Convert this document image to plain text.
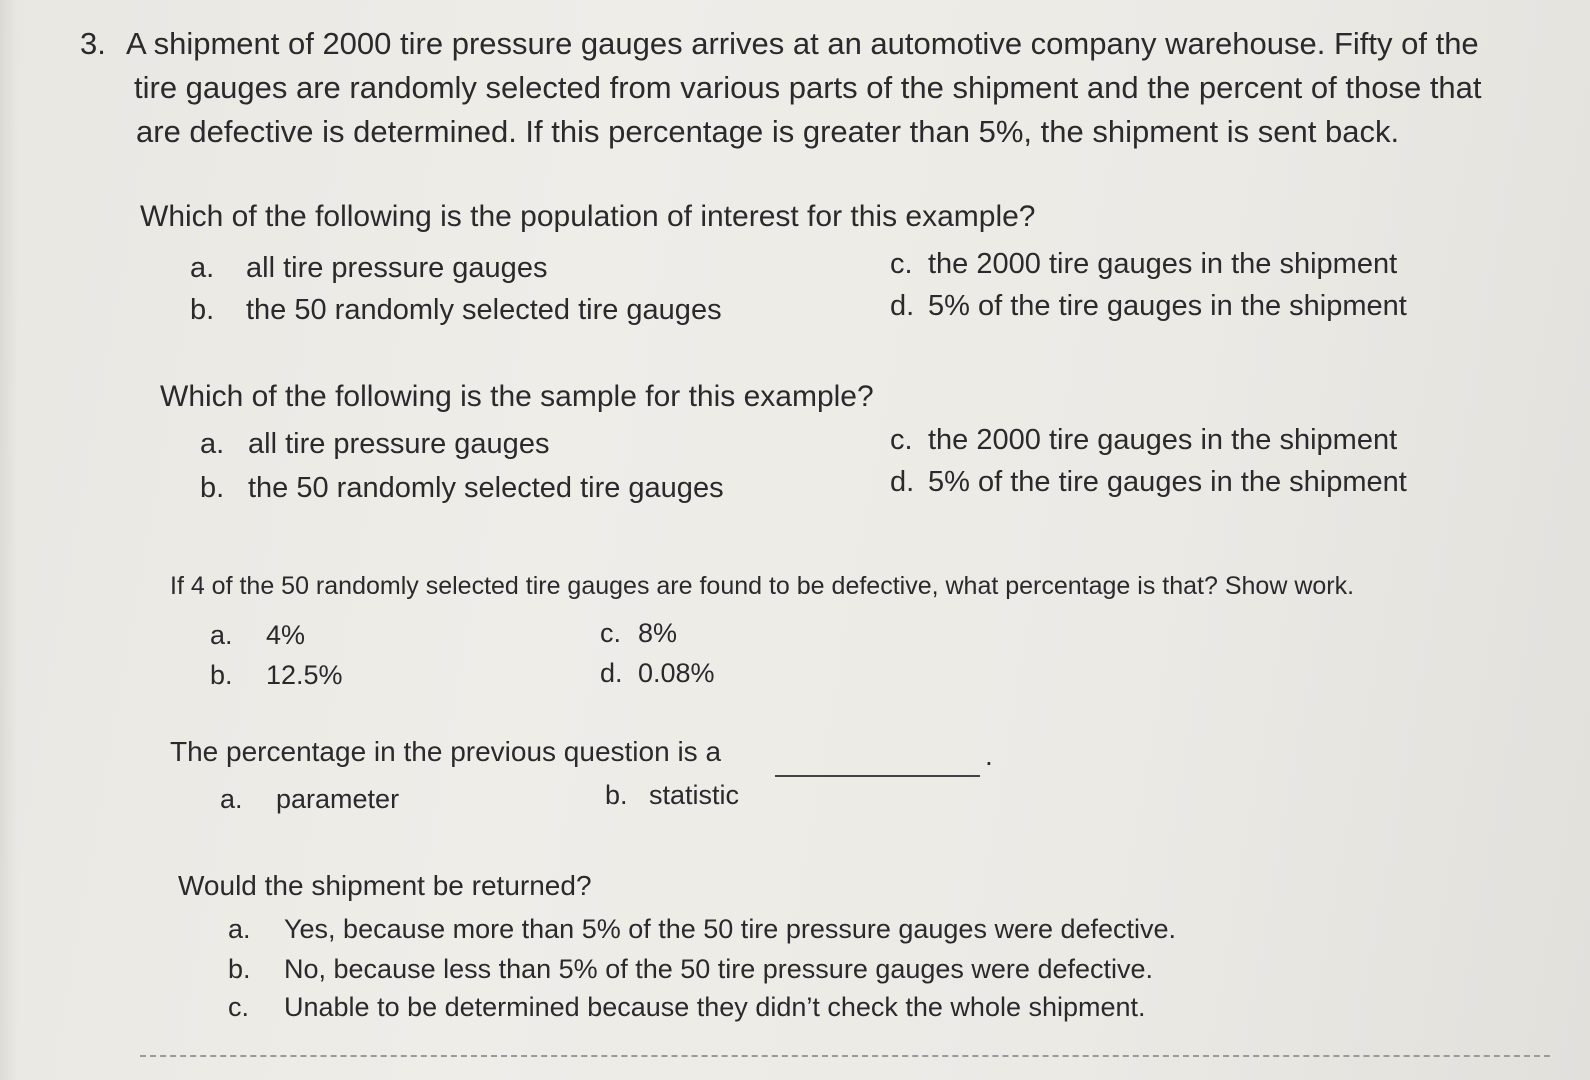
3. A shipment of 2000 tire pressure gauges arrives at an automotive company warehouse. Fifty of the
tire gauges are randomly selected from various parts of the shipment and the percent of those that
are defective is determined. If this percentage is greater than 5%, the shipment is sent back.
Which of the following is the population of interest for this example?
a. all tire pressure gauges
b. the 50 randomly selected tire gauges
c. the 2000 tire gauges in the shipment
d. 5% of the tire gauges in the shipment
Which of the following is the sample for this example?
a. all tire pressure gauges
b. the 50 randomly selected tire gauges
c. the 2000 tire gauges in the shipment
d. 5% of the tire gauges in the shipment
If 4 of the 50 randomly selected tire gauges are found to be defective, what percentage is that? Show work.
a. 4%
b. 12.5%
c. 8%
d. 0.08%
The percentage in the previous question is a	.
a. parameter	b. statistic
Would the shipment be returned?
a. Yes, because more than 5% of the 50 tire pressure gauges were defective.
b. No, because less than 5% of the 50 tire pressure gauges were defective.
c. Unable to be determined because they didn’t check the whole shipment.
